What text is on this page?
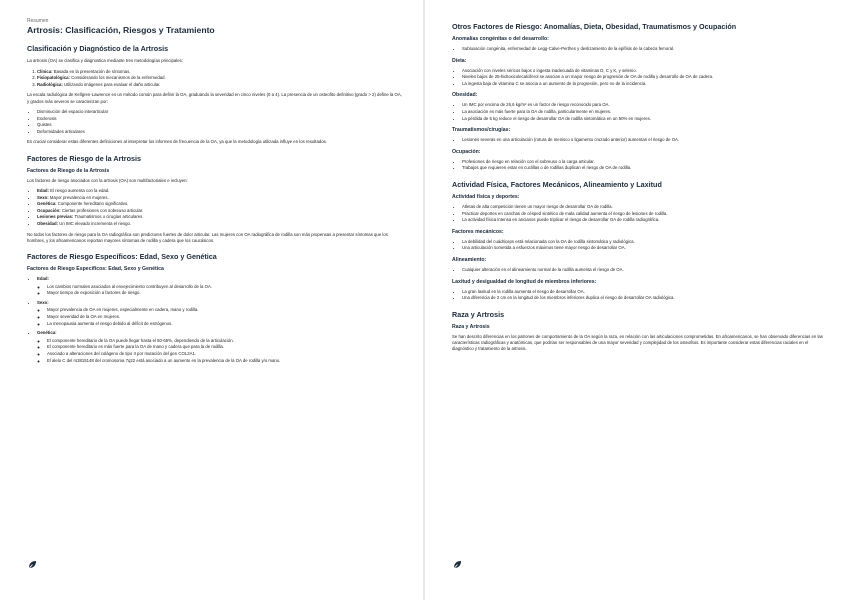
Resumen

Artrosis: Clasificación, Riesgos y Tratamiento
Clasificación y Diagnóstico de la Artrosis

La artrosis (OA) se clasifica y diagnostica mediante tres metodologías principales:

1. Clínica: Basada en la presentación de síntomas.
2. Fisiopatológica: Considerando los mecanismos de la enfermedad.
3. Radiológica: Utilizando imágenes para evaluar el daño articular.

La escala radiológica de Kellgren-Lawrence es un método común para definir la OA, graduando la severidad en cinco niveles (0 a 4). La presencia de un osteofito definitivo (grado > 2) define la OA, y grados más severos se caracterizan por:

• Disminución del espacio interarticular
• Esclerosis
• Quistes
• Deformidades articulares

Es crucial considerar estas diferentes definiciones al interpretar los informes de frecuencia de la OA, ya que la metodología utilizada influye en los resultados.

Factores de Riesgo de la Artrosis
Factores de Riesgo de la Artrosis

Los factores de riesgo asociados con la artrosis (OA) son multifactoriales e incluyen:

• Edad: El riesgo aumenta con la edad.
• Sexo: Mayor prevalencia en mujeres.
• Genética: Componente hereditario significativo.
• Ocupación: Ciertas profesiones con sobreuso articular.
• Lesiones previas: Traumatismos o cirugías articulares.
• Obesidad: Un IMC elevado incrementa el riesgo.

No todos los factores de riesgo para la OA radiográfica son predictores fuertes de dolor articular. Las mujeres con OA radiográfica de rodilla son más propensas a presentar síntomas que los hombres, y los afroamericanos reportan mayores síntomas de rodilla y cadera que los caucásicos.

Factores de Riesgo Específicos: Edad, Sexo y Genética
Factores de Riesgo Específicos: Edad, Sexo y Genética
• Edad:
◦ Los cambios normales asociados al envejecimiento contribuyen al desarrollo de la OA.
◦ Mayor tiempo de exposición a factores de riesgo.
• Sexo:
◦ Mayor prevalencia de OA en mujeres, especialmente en cadera, mano y rodilla.
◦ Mayor severidad de la OA en mujeres.
◦ La menopausia aumenta el riesgo debido al déficit de estrógenos.
• Genética:
◦ El componente hereditario de la OA puede llegar hasta el 50-65%, dependiendo de la articulación.
◦ El componente hereditario es más fuerte para la OA de mano y cadera que para la de rodilla.
◦ Asociado a alteraciones del colágeno de tipo II por mutación del gen COL2A1.
◦ El alelo C del rs3815148 del cromosoma 7q22 está asociado a un aumento en la prevalencia de la OA de rodilla y/o mano.
Otros Factores de Riesgo: Anomalías, Dieta, Obesidad, Traumatismos y Ocupación
Anomalías congénitas o del desarrollo:
• Subluxación congénita, enfermedad de Legg-Calve-Perthes y deslizamiento de la epífisis de la cabeza femoral.
Dieta:
• Asociación con niveles séricos bajos o ingesta inadecuada de vitaminas D, C y K, y selenio.
• Niveles bajos de 25-hidroxicolecalciferol se asocian a un mayor riesgo de progresión de OA de rodilla y desarrollo de OA de cadera.
• La ingesta baja de vitamina C se asocia a un aumento de la progresión, pero no de la incidencia.
Obesidad:
• Un IMC por encima de 26,6 kg/m² es un factor de riesgo reconocido para OA.
• La asociación es más fuerte para la OA de rodilla, particularmente en mujeres.
• La pérdida de 5 kg reduce el riesgo de desarrollar OA de rodilla sintomática en un 50% en mujeres.
Traumatismos/cirugías:
• Lesiones severas en una articulación (rotura de menisco o ligamento cruzado anterior) aumentan el riesgo de OA.
Ocupación:
• Profesiones de riesgo en relación con el sobreuso o la carga articular.
• Trabajos que requieren estar en cuclillas o de rodillas duplican el riesgo de OA de rodilla.
Actividad Física, Factores Mecánicos, Alineamiento y Laxitud
Actividad física y deportes:
• Atletas de alta competición tienen un mayor riesgo de desarrollar OA de rodilla.
• Practicar deportes en canchas de césped sintético de mala calidad aumenta el riesgo de lesiones de rodilla.
• La actividad física intensa en ancianos puede triplicar el riesgo de desarrollar OA de rodilla radiográfica.
Factores mecánicos:
• La debilidad del cuádriceps está relacionada con la OA de rodilla sintomática y radiológica.
• Una articulación sometida a esfuerzos máximos tiene mayor riesgo de desarrollar OA.
Alineamiento:
• Cualquier alteración en el alineamiento normal de la rodilla aumenta el riesgo de OA.
Laxitud y desigualdad de longitud de miembros inferiores:
• La gran laxitud en la rodilla aumenta el riesgo de desarrollar OA.
• Una diferencia de 2 cm en la longitud de los miembros inferiores duplica el riesgo de desarrollar OA radiológica.
Raza y Artrosis
Raza y Artrosis

Se han descrito diferencias en los patrones de comportamiento de la OA según la raza, en relación con las articulaciones comprometidas. En afroamericanos, se han observado diferencias en las características radiográficas y anatómicas, que podrían ser responsables de una mayor severidad y complejidad de los osteofitos. Es importante considerar estas diferencias raciales en el diagnóstico y tratamiento de la artrosis.
